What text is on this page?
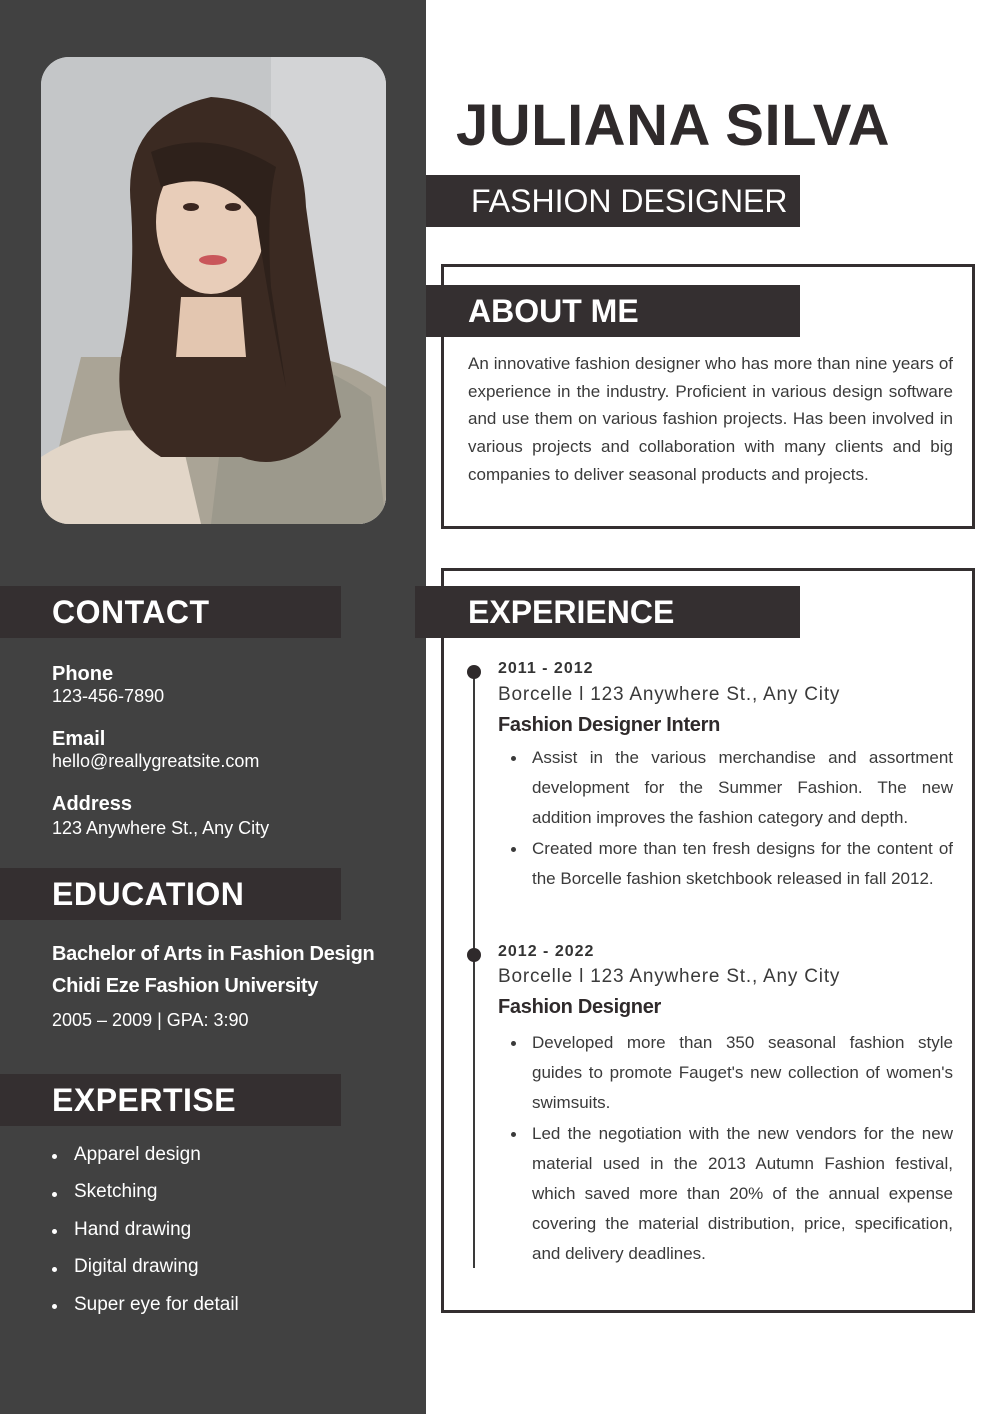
CONTACT
Phone
123-456-7890
Email
hello@reallygreatsite.com
Address
123 Anywhere St., Any City
EDUCATION
Bachelor of Arts in Fashion Design
Chidi Eze Fashion University
2005 – 2009 | GPA: 3:90
EXPERTISE
Apparel design
Sketching
Hand drawing
Digital drawing
Super eye for detail
JULIANA SILVA
FASHION DESIGNER
ABOUT ME
An innovative fashion designer who has more than nine years of experience in the industry. Proficient in various design software and use them on various fashion projects. Has been involved in various projects and collaboration with many clients and big companies to deliver seasonal products and projects.
EXPERIENCE
2011 - 2012
Borcelle l 123 Anywhere St., Any City
Fashion Designer Intern
Assist in the various merchandise and assortment development for the Summer Fashion. The new addition improves the fashion category and depth.
Created more than ten fresh designs for the content of the Borcelle fashion sketchbook released in fall 2012.
2012 - 2022
Borcelle l 123 Anywhere St., Any City
Fashion Designer
Developed more than 350 seasonal fashion style guides to promote Fauget's new collection of women's swimsuits.
Led the negotiation with the new vendors for the new material used in the 2013 Autumn Fashion festival, which saved more than 20% of the annual expense covering the material distribution, price, specification, and delivery deadlines.
